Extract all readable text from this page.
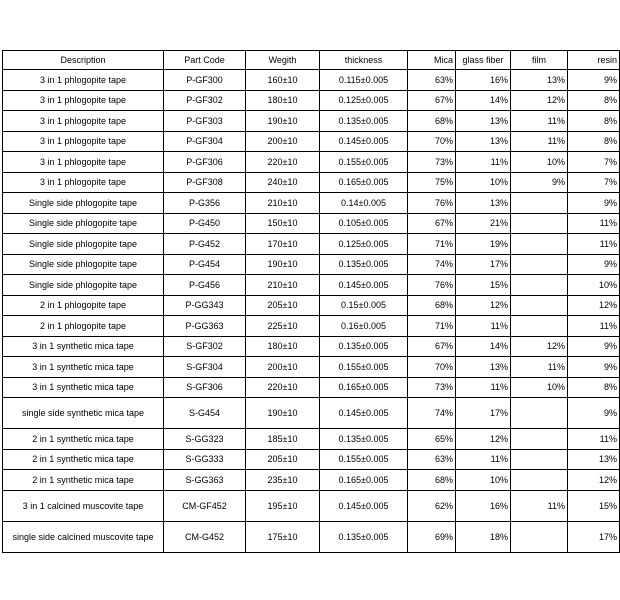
Description	Part Code	Wegith	thickness	Mica	glass fiber	film	resin
3 in 1 phlogopite tape	P-GF300	160±10	0.115±0.005	63%	16%	13%	9%
3 in 1 phlogopite tape	P-GF302	180±10	0.125±0.005	67%	14%	12%	8%
3 in 1 phlogopite tape	P-GF303	190±10	0.135±0.005	68%	13%	11%	8%
3 in 1 phlogopite tape	P-GF304	200±10	0.145±0.005	70%	13%	11%	8%
3 in 1 phlogopite tape	P-GF306	220±10	0.155±0.005	73%	11%	10%	7%
3 in 1 phlogopite tape	P-GF308	240±10	0.165±0.005	75%	10%	9%	7%
Single side phlogopite tape	P-G356	210±10	0.14±0.005	76%	13%		9%
Single side phlogopite tape	P-G450	150±10	0.105±0.005	67%	21%		11%
Single side phlogopite tape	P-G452	170±10	0.125±0.005	71%	19%		11%
Single side phlogopite tape	P-G454	190±10	0.135±0.005	74%	17%		9%
Single side phlogopite tape	P-G456	210±10	0.145±0.005	76%	15%		10%
2 in 1 phlogopite tape	P-GG343	205±10	0.15±0.005	68%	12%		12%
2 in 1 phlogopite tape	P-GG363	225±10	0.16±0.005	71%	11%		11%
3 in 1 synthetic mica tape	S-GF302	180±10	0.135±0.005	67%	14%	12%	9%
3 in 1 synthetic mica tape	S-GF304	200±10	0.155±0.005	70%	13%	11%	9%
3 in 1 synthetic mica tape	S-GF306	220±10	0.165±0.005	73%	11%	10%	8%
single side synthetic mica tape	S-G454	190±10	0.145±0.005	74%	17%		9%
2 in 1 synthetic mica tape	S-GG323	185±10	0.135±0.005	65%	12%		11%
2 in 1 synthetic mica tape	S-GG333	205±10	0.155±0.005	63%	11%		13%
2 in 1 synthetic mica tape	S-GG363	235±10	0.165±0.005	68%	10%		12%
3 in 1 calcined muscovite tape	CM-GF452	195±10	0.145±0.005	62%	16%	11%	15%
single side calcined muscovite tape	CM-G452	175±10	0.135±0.005	69%	18%		17%
